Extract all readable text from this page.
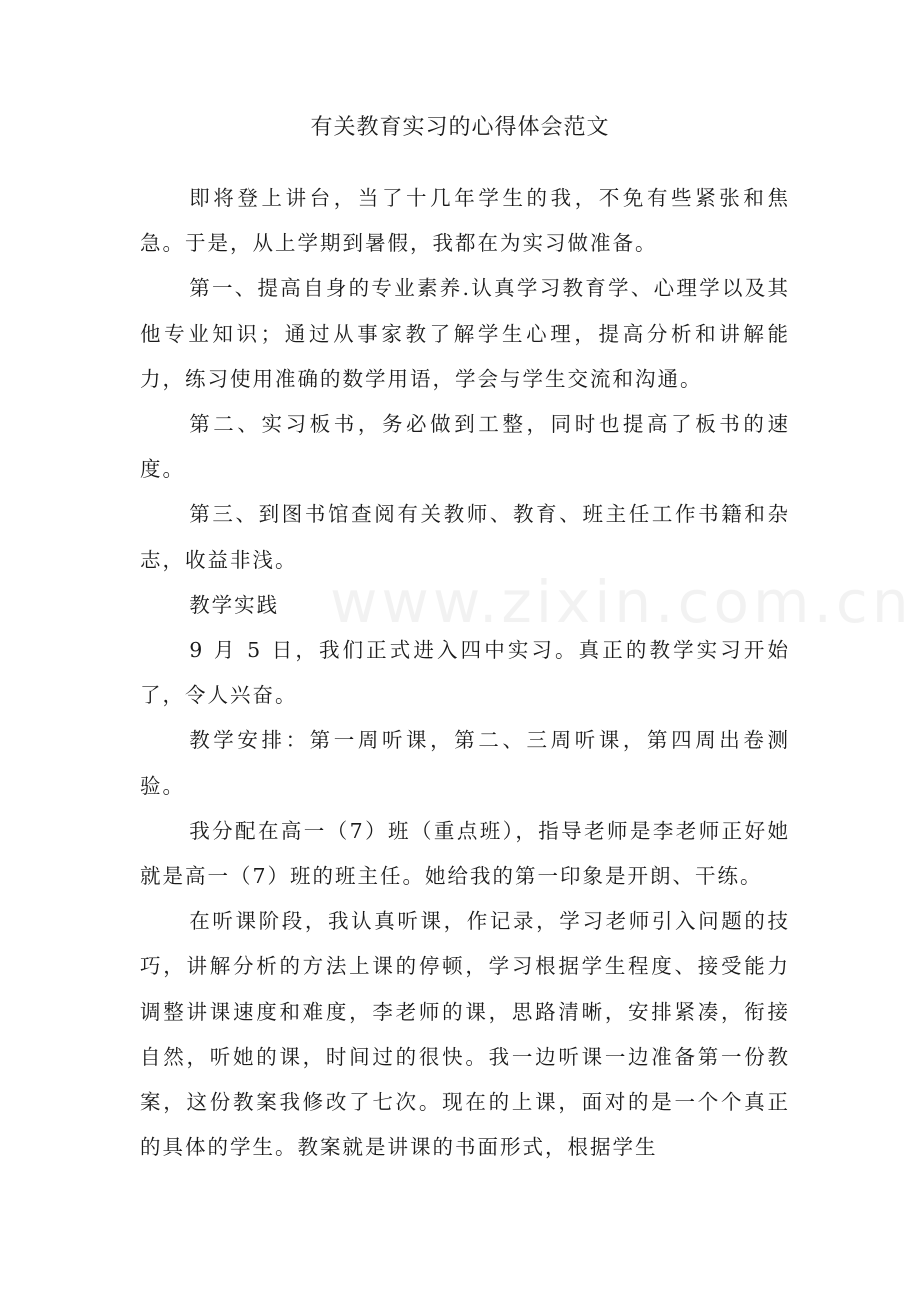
有关教育实习的心得体会范文

即将登上讲台，当了十几年学生的我，不免有些紧张和焦急。于是，从上学期到暑假，我都在为实习做准备。

第一、提高自身的专业素养.认真学习教育学、心理学以及其他专业知识；通过从事家教了解学生心理，提高分析和讲解能力，练习使用准确的数学用语，学会与学生交流和沟通。

第二、实习板书，务必做到工整，同时也提高了板书的速度。

第三、到图书馆查阅有关教师、教育、班主任工作书籍和杂志，收益非浅。

教学实践

9 月 5 日，我们正式进入四中实习。真正的教学实习开始了，令人兴奋。

教学安排：第一周听课，第二、三周听课，第四周出卷测验。

我分配在高一（7）班（重点班），指导老师是李老师正好她就是高一（7）班的班主任。她给我的第一印象是开朗、干练。

在听课阶段，我认真听课，作记录，学习老师引入问题的技巧，讲解分析的方法上课的停顿，学习根据学生程度、接受能力调整讲课速度和难度，李老师的课，思路清晰，安排紧凑，衔接自然，听她的课，时间过的很快。我一边听课一边准备第一份教案，这份教案我修改了七次。现在的上课，面对的是一个个真正的具体的学生。教案就是讲课的书面形式，根据学生

www.zixin.com.cn
